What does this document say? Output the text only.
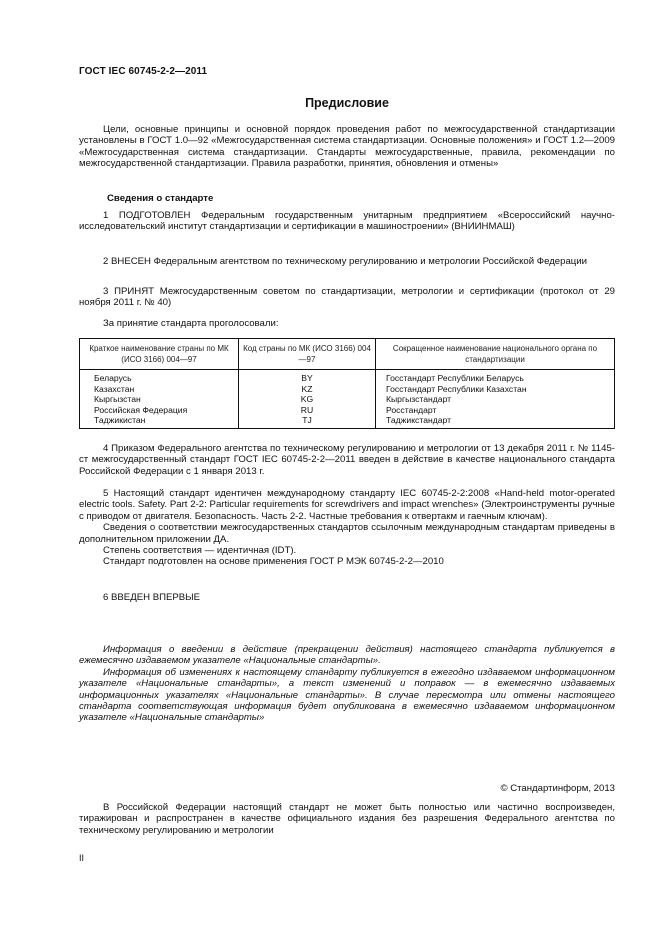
ГОСТ IEC 60745-2-2—2011
Предисловие

Цели, основные принципы и основной порядок проведения работ по межгосударственной стандартизации установлены в ГОСТ 1.0—92 «Межгосударственная система стандартизации. Основные положения» и ГОСТ 1.2—2009 «Межгосударственная система стандартизации. Стандарты межгосударственные, правила, рекомендации по межгосударственной стандартизации. Правила разработки, принятия, обновления и отмены»

Сведения о стандарте

1 ПОДГОТОВЛЕН Федеральным государственным унитарным предприятием «Всероссийский научно-исследовательский институт стандартизации и сертификации в машиностроении» (ВНИИНМАШ)

2 ВНЕСЕН Федеральным агентством по техническому регулированию и метрологии Российской Федерации

3 ПРИНЯТ Межгосударственным советом по стандартизации, метрологии и сертификации (протокол от 29 ноября 2011 г. № 40)

За принятие стандарта проголосовали:

Краткое наименование страны по МК (ИСО 3166) 004—97	Код страны по МК (ИСО 3166) 004—97	Сокращенное наименование национального органа по стандартизации
Беларусь	BY	Госстандарт Республики Беларусь
Казахстан	KZ	Госстандарт Республики Казахстан
Кыргызстан	KG	Кыргызстандарт
Российская Федерация	RU	Росстандарт
Таджикистан	TJ	Таджикстандарт

4 Приказом Федерального агентства по техническому регулированию и метрологии от 13 декабря 2011 г. № 1145-ст межгосударственный стандарт ГОСТ IEC 60745-2-2—2011 введен в действие в качестве национального стандарта Российской Федерации с 1 января 2013 г.

5 Настоящий стандарт идентичен международному стандарту IEC 60745-2-2:2008 «Hand-held motor-operated electric tools. Safety. Part 2-2: Particular requirements for screwdrivers and impact wrenches» (Электроинструменты ручные с приводом от двигателя. Безопасность. Часть 2-2. Частные требования к отвертакм и гаечным ключам).

Сведения о соответствии межгосударственных стандартов ссылочным международным стандартам приведены в дополнительном приложении ДА.

Степень соответствия — идентичная (IDT).

Стандарт подготовлен на основе применения ГОСТ Р МЭК 60745-2-2—2010

6 ВВЕДЕН ВПЕРВЫЕ

Информация о введении в действие (прекращении действия) настоящего стандарта публикуется в ежемесячно издаваемом указателе «Национальные стандарты».

Информация об изменениях к настоящему стандарту публикуется в ежегодно издаваемом информационном указателе «Национальные стандарты», а текст изменений и поправок — в ежемесячно издаваемых информационных указателях «Национальные стандарты». В случае пересмотра или отмены настоящего стандарта соответствующая информация будет опубликована в ежемесячно издаваемом информационном указателе «Национальные стандарты»

© Стандартинформ, 2013

В Российской Федерации настоящий стандарт не может быть полностью или частично воспроизведен, тиражирован и распространен в качестве официального издания без разрешения Федерального агентства по техническому регулированию и метрологии

II
